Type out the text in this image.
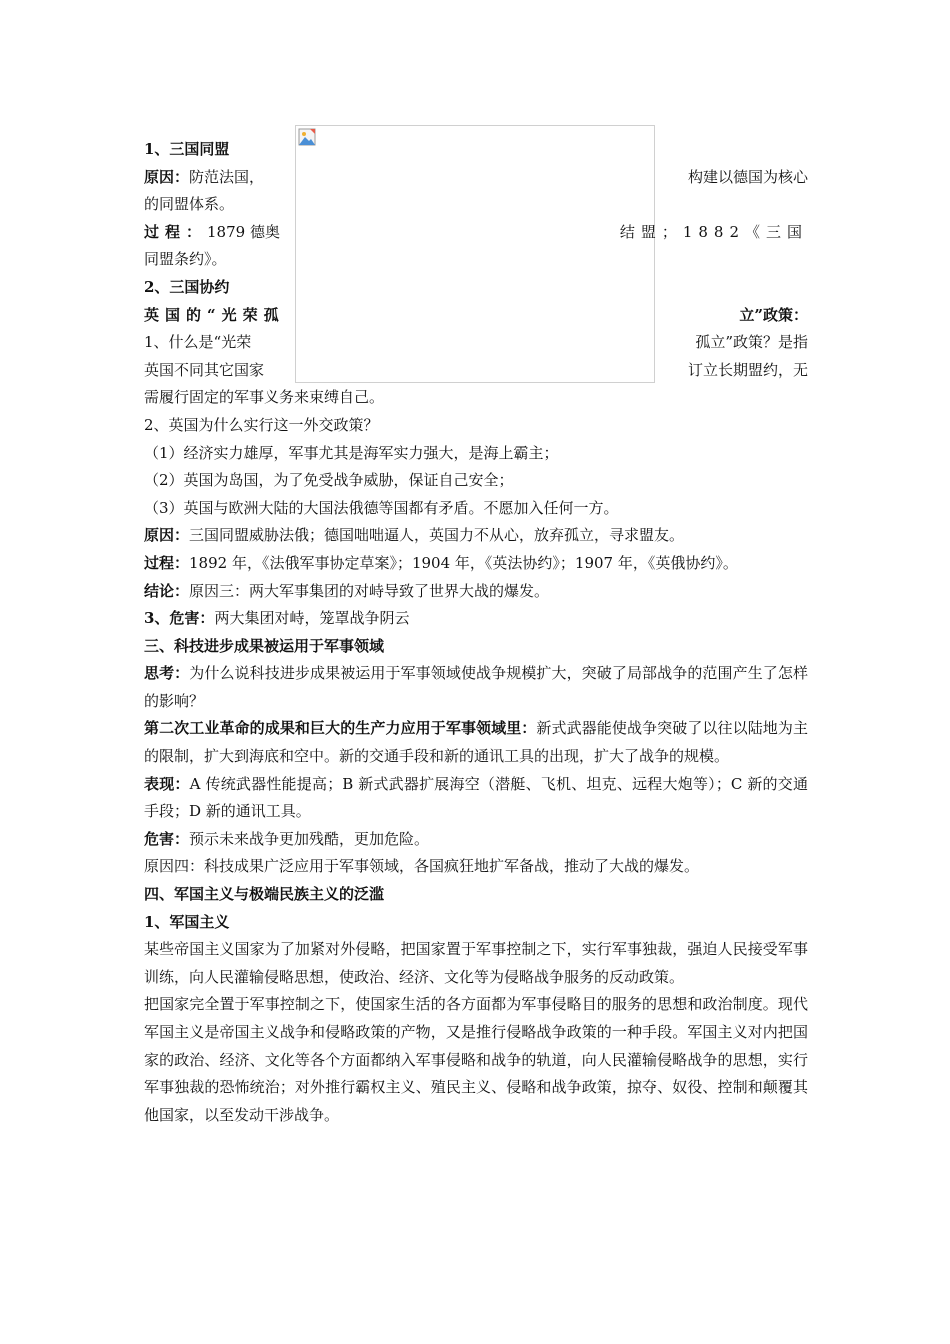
1、三国同盟

原因：防范法国，	构建以德国为核心

的同盟体系。

过程：1879 德奥	结盟；1882《三国

同盟条约》。

2、三国协约

英国的“光荣孤	立”政策：
1、什么是“光荣	孤立”政策？是指
英国不同其它国家	订立长期盟约，无

需履行固定的军事义务来束缚自己。

2、英国为什么实行这一外交政策？

（1）经济实力雄厚，军事尤其是海军实力强大，是海上霸主；

（2）英国为岛国，为了免受战争威胁，保证自己安全；

（3）英国与欧洲大陆的大国法俄德等国都有矛盾。不愿加入任何一方。

原因：三国同盟威胁法俄；德国咄咄逼人，英国力不从心，放弃孤立，寻求盟友。

过程：1892 年，《法俄军事协定草案》；1904 年，《英法协约》；1907 年，《英俄协约》。

结论：原因三：两大军事集团的对峙导致了世界大战的爆发。

3、危害：两大集团对峙，笼罩战争阴云

三、科技进步成果被运用于军事领域

思考：为什么说科技进步成果被运用于军事领域使战争规模扩大，突破了局部战争的范围产生了怎样的影响？

第二次工业革命的成果和巨大的生产力应用于军事领域里：新式武器能使战争突破了以往以陆地为主的限制，扩大到海底和空中。新的交通手段和新的通讯工具的出现，扩大了战争的规模。

表现：A 传统武器性能提高；B 新式武器扩展海空（潜艇、飞机、坦克、远程大炮等）；C 新的交通手段；D 新的通讯工具。

危害：预示未来战争更加残酷，更加危险。

原因四：科技成果广泛应用于军事领域，各国疯狂地扩军备战，推动了大战的爆发。

四、军国主义与极端民族主义的泛滥

1、军国主义

某些帝国主义国家为了加紧对外侵略，把国家置于军事控制之下，实行军事独裁，强迫人民接受军事训练，向人民灌输侵略思想，使政治、经济、文化等为侵略战争服务的反动政策。

把国家完全置于军事控制之下，使国家生活的各方面都为军事侵略目的服务的思想和政治制度。现代军国主义是帝国主义战争和侵略政策的产物，又是推行侵略战争政策的一种手段。军国主义对内把国家的政治、经济、文化等各个方面都纳入军事侵略和战争的轨道，向人民灌输侵略战争的思想，实行军事独裁的恐怖统治；对外推行霸权主义、殖民主义、侵略和战争政策，掠夺、奴役、控制和颠覆其他国家，以至发动干涉战争。
